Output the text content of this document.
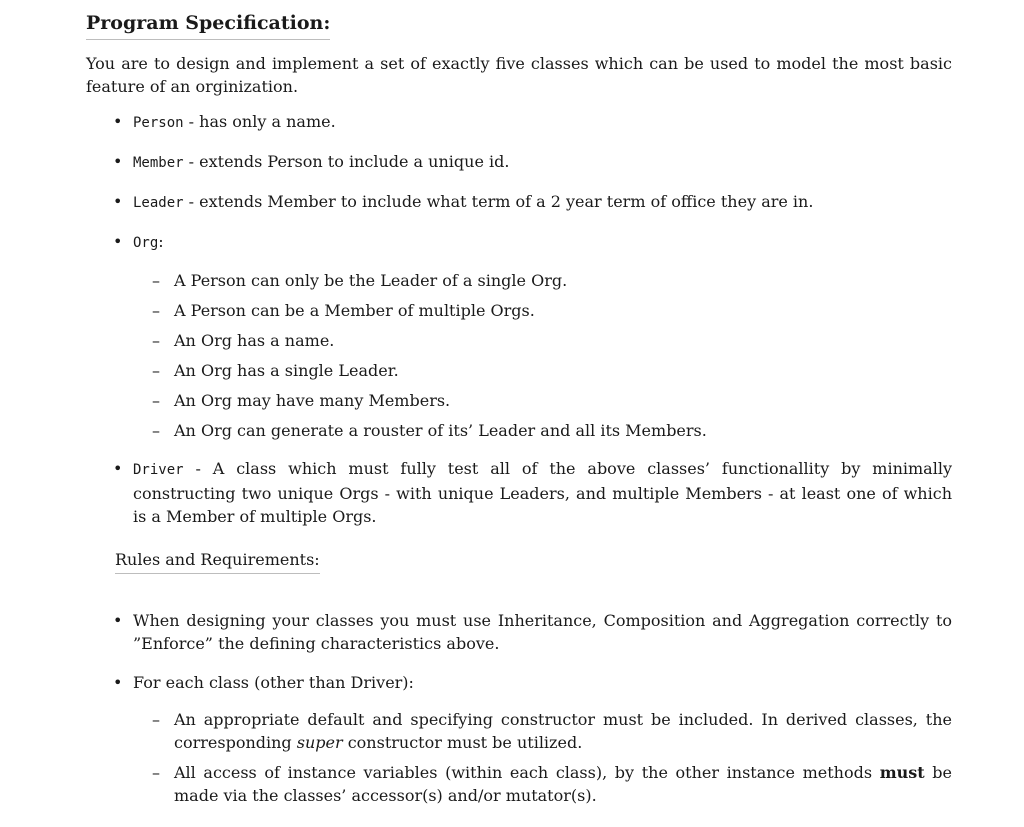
Program Specification:

You are to design and implement a set of exactly five classes which can be used to model the most basic feature of an orginization.

• Person - has only a name.
• Member - extends Person to include a unique id.
• Leader - extends Member to include what term of a 2 year term of office they are in.
• Org:
– A Person can only be the Leader of a single Org.
– A Person can be a Member of multiple Orgs.
– An Org has a name.
– An Org has a single Leader.
– An Org may have many Members.
– An Org can generate a rouster of its’ Leader and all its Members.
• Driver - A class which must fully test all of the above classes’ functionallity by minimally constructing two unique Orgs - with unique Leaders, and multiple Members - at least one of which is a Member of multiple Orgs.
Rules and Requirements:
• When designing your classes you must use Inheritance, Composition and Aggregation correctly to ”Enforce” the defining characteristics above.
• For each class (other than Driver):
– An appropriate default and specifying constructor must be included. In derived classes, the corresponding super constructor must be utilized.
– All access of instance variables (within each class), by the other instance methods must be made via the classes’ accessor(s) and/or mutator(s).
